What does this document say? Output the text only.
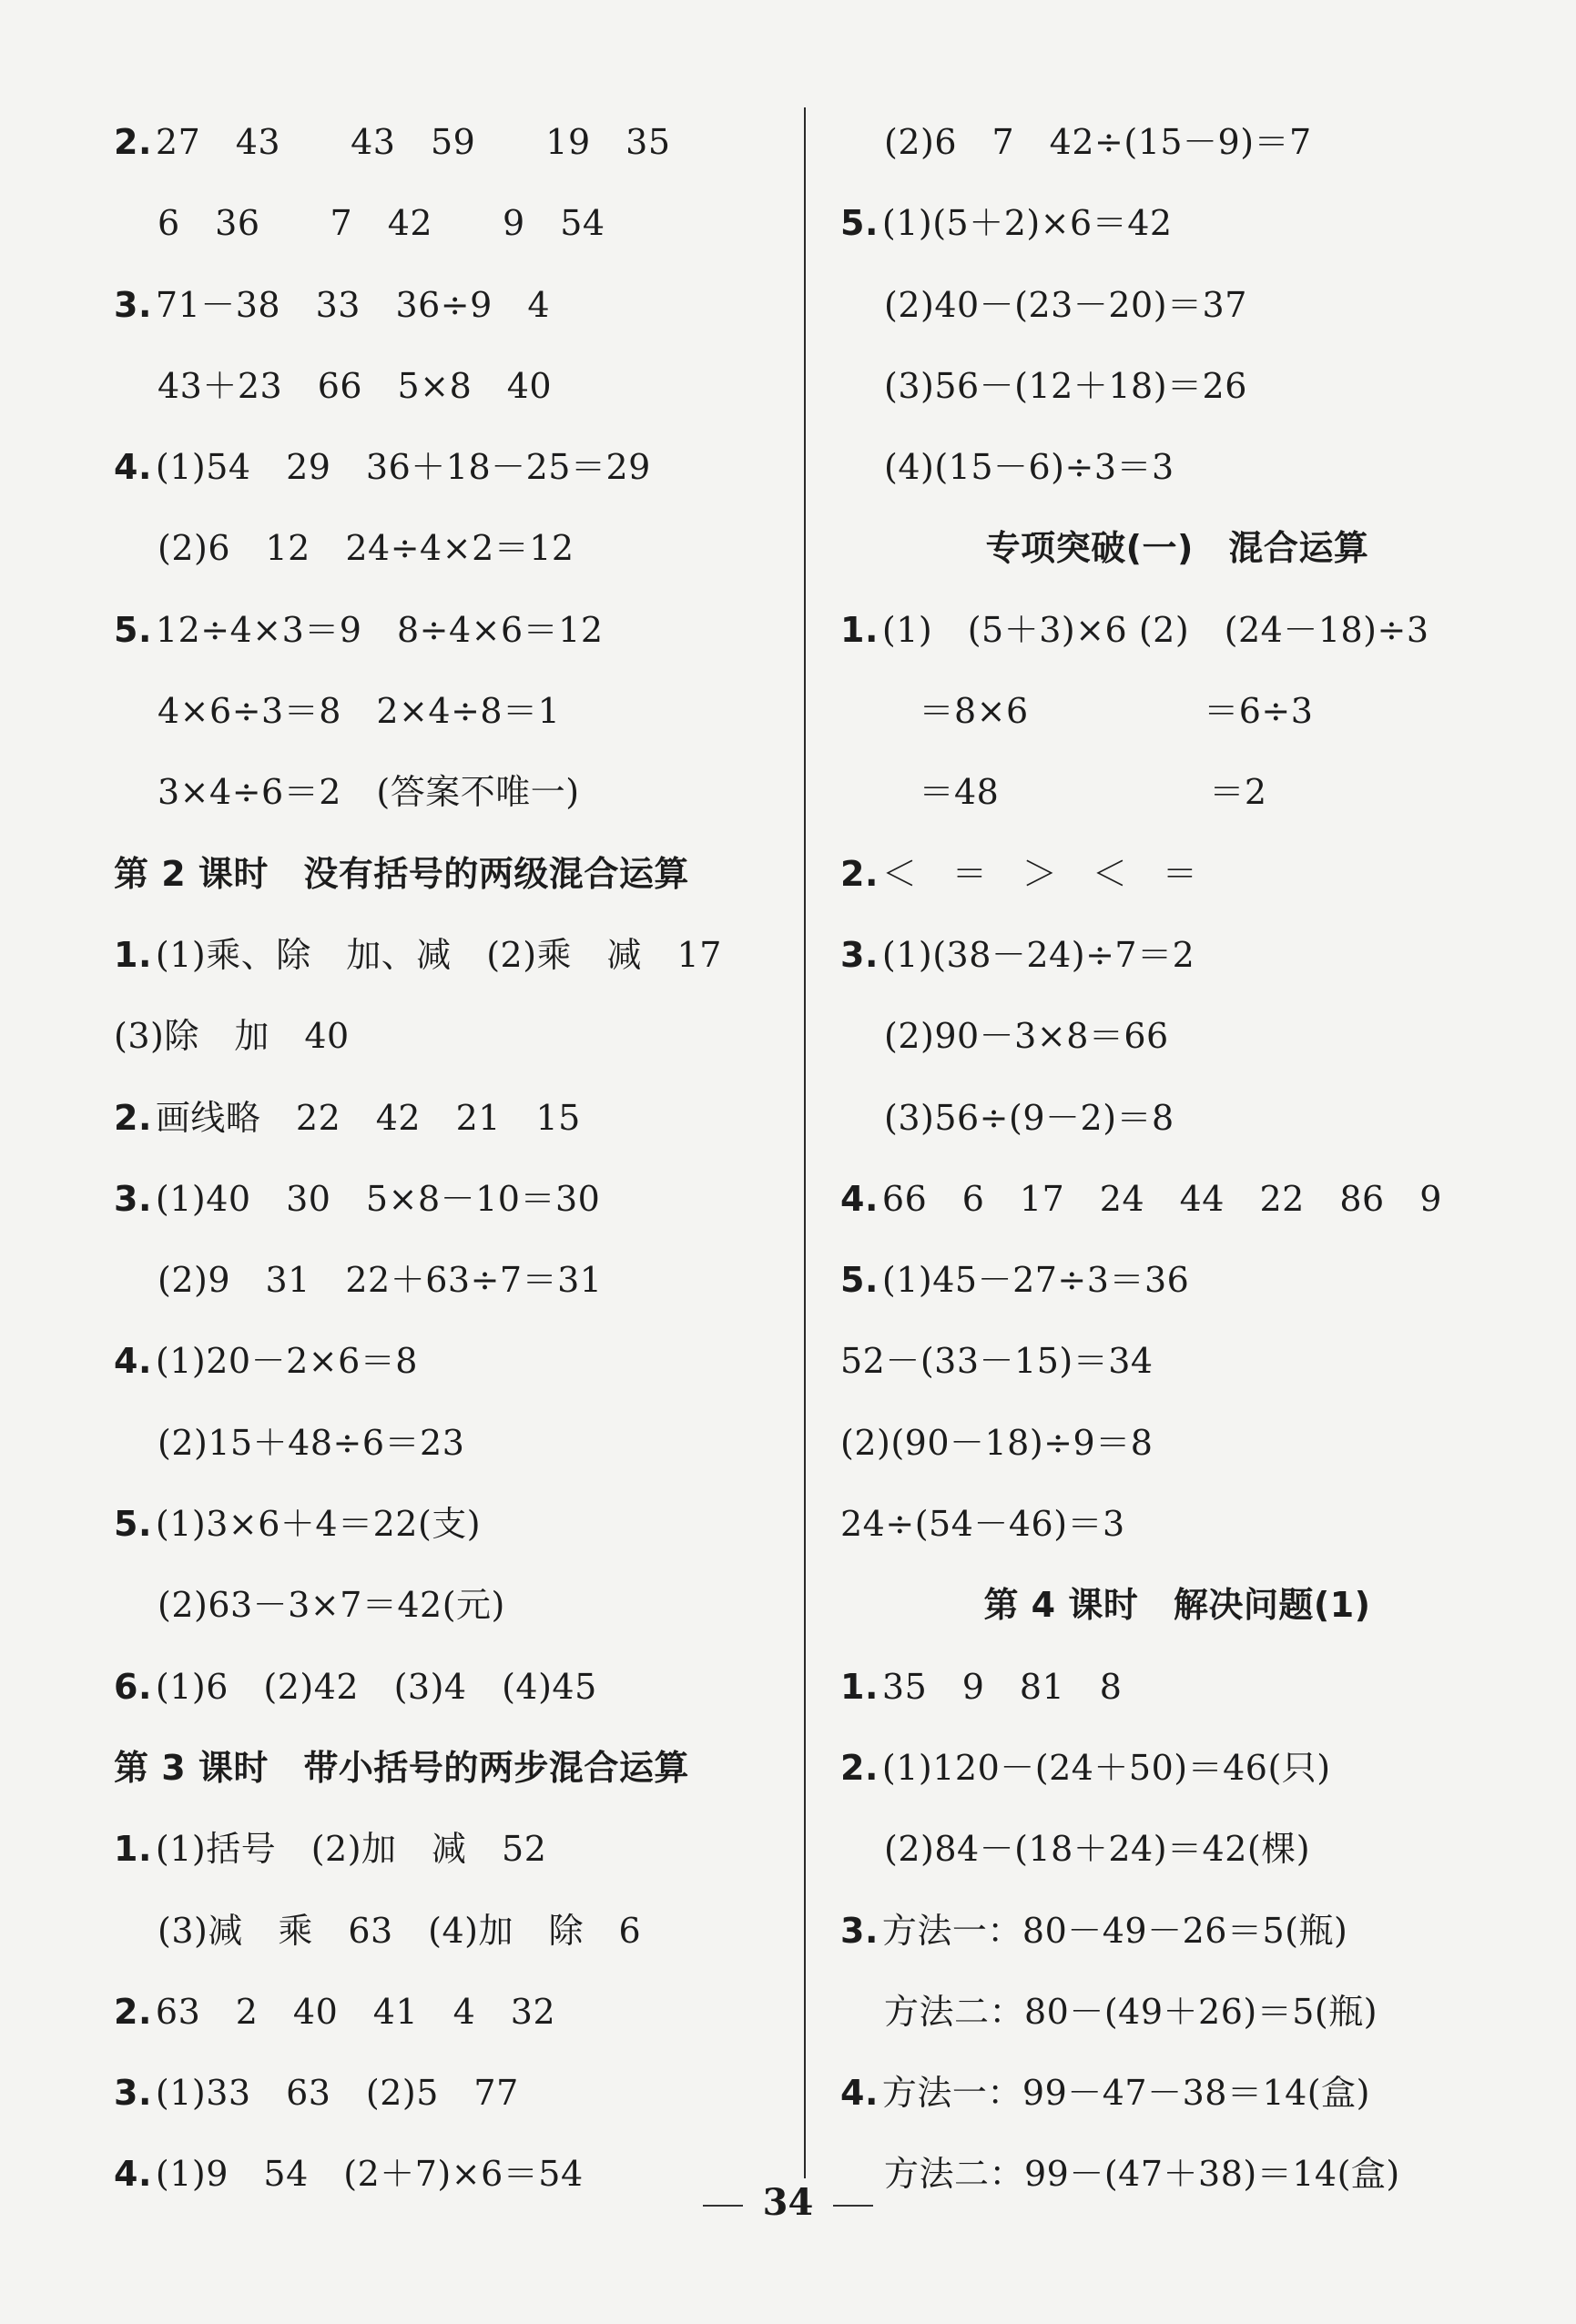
2. 27　43　　43　59　　19　35
6　36　　7　42　　9　54
3. 71－38　33　36÷9　4
43＋23　66　5×8　40
4. (1)54　29　36＋18－25＝29
(2)6　12　24÷4×2＝12
5. 12÷4×3＝9　8÷4×6＝12
4×6÷3＝8　2×4÷8＝1
3×4÷6＝2　(答案不唯一)
第 2 课时　没有括号的两级混合运算
1. (1)乘、除　加、减　(2)乘　减　17
(3)除　加　40
2. 画线略　22　42　21　15
3. (1)40　30　5×8－10＝30
(2)9　31　22＋63÷7＝31
4. (1)20－2×6＝8
(2)15＋48÷6＝23
5. (1)3×6＋4＝22(支)
(2)63－3×7＝42(元)
6. (1)6　(2)42　(3)4　(4)45
第 3 课时　带小括号的两步混合运算
1. (1)括号　(2)加　减　52
(3)减　乘　63　(4)加　除　6
2. 63　2　40　41　4　32
3. (1)33　63　(2)5　77
4. (1)9　54　(2＋7)×6＝54
(2)6　7　42÷(15－9)＝7
5. (1)(5＋2)×6＝42
(2)40－(23－20)＝37
(3)56－(12＋18)＝26
(4)(15－6)÷3＝3
专项突破(一)　混合运算
1. (1)　(5＋3)×6 (2)　(24－18)÷3
　＝8×6　　　　　＝6÷3
　＝48　　　　　　＝2
2. ＜　＝　＞　＜　＝
3. (1)(38－24)÷7＝2
(2)90－3×8＝66
(3)56÷(9－2)＝8
4. 66　6　17　24　44　22　86　9
5. (1)45－27÷3＝36
52－(33－15)＝34
(2)(90－18)÷9＝8
24÷(54－46)＝3
第 4 课时　解决问题(1)
1. 35　9　81　8
2. (1)120－(24＋50)＝46(只)
(2)84－(18＋24)＝42(棵)
3. 方法一：80－49－26＝5(瓶)
方法二：80－(49＋26)＝5(瓶)
4. 方法一：99－47－38＝14(盒)
方法二：99－(47＋38)＝14(盒)
34
